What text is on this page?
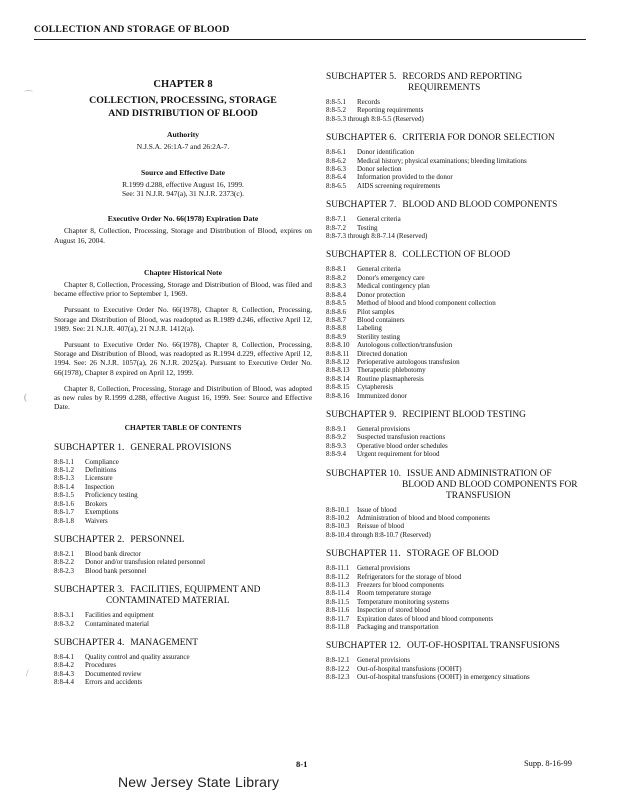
COLLECTION AND STORAGE OF BLOOD
⌒
(
/
CHAPTER 8
COLLECTION, PROCESSING, STORAGE
AND DISTRIBUTION OF BLOOD
Authority
N.J.S.A. 26:1A-7 and 26:2A-7.
Source and Effective Date
R.1999 d.288, effective August 16, 1999.
See: 31 N.J.R. 947(a), 31 N.J.R. 2373(c).
Executive Order No. 66(1978) Expiration Date

Chapter 8, Collection, Processing, Storage and Distribution of Blood, expires on August 16, 2004.

Chapter Historical Note

Chapter 8, Collection, Processing, Storage and Distribution of Blood, was filed and became effective prior to September 1, 1969.

Pursuant to Executive Order No. 66(1978), Chapter 8, Collection, Processing, Storage and Distribution of Blood, was readopted as R.1989 d.246, effective April 12, 1989. See: 21 N.J.R. 407(a), 21 N.J.R. 1412(a).

Pursuant to Executive Order No. 66(1978), Chapter 8, Collection, Processing, Storage and Distribution of Blood, was readopted as R.1994 d.229, effective April 12, 1994. See: 26 N.J.R. 1057(a), 26 N.J.R. 2025(a). Pursuant to Executive Order No. 66(1978), Chapter 8 expired on April 12, 1999.

Chapter 8, Collection, Processing, Storage and Distribution of Blood, was adopted as new rules by R.1999 d.288, effective August 16, 1999. See: Source and Effective Date.

CHAPTER TABLE OF CONTENTS
SUBCHAPTER 1. GENERAL PROVISIONS
8:8-1.1	Compliance
8:8-1.2	Definitions
8:8-1.3	Licensure
8:8-1.4	Inspection
8:8-1.5	Proficiency testing
8:8-1.6	Brokers
8:8-1.7	Exemptions
8:8-1.8	Waivers
SUBCHAPTER 2. PERSONNEL
8:8-2.1	Blood bank director
8:8-2.2	Donor and/or transfusion related personnel
8:8-2.3	Blood bank personnel
SUBCHAPTER 3. FACILITIES, EQUIPMENT AND
CONTAMINATED MATERIAL
8:8-3.1	Facilities and equipment
8:8-3.2	Contaminated material
SUBCHAPTER 4. MANAGEMENT
8:8-4.1	Quality control and quality assurance
8:8-4.2	Procedures
8:8-4.3	Documented review
8:8-4.4	Errors and accidents
SUBCHAPTER 5. RECORDS AND REPORTING
REQUIREMENTS
8:8-5.1	Records
8:8-5.2	Reporting requirements
8:8-5.3 through 8:8-5.5 (Reserved)
SUBCHAPTER 6. CRITERIA FOR DONOR SELECTION
8:8-6.1	Donor identification
8:8-6.2	Medical history; physical examinations; bleeding limitations
8:8-6.3	Donor selection
8:8-6.4	Information provided to the donor
8:8-6.5	AIDS screening requirements
SUBCHAPTER 7. BLOOD AND BLOOD COMPONENTS
8:8-7.1	General criteria
8:8-7.2	Testing
8:8-7.3 through 8:8-7.14 (Reserved)
SUBCHAPTER 8. COLLECTION OF BLOOD
8:8-8.1	General criteria
8:8-8.2	Donor's emergency care
8:8-8.3	Medical contingency plan
8:8-8.4	Donor protection
8:8-8.5	Method of blood and blood component collection
8:8-8.6	Pilot samples
8:8-8.7	Blood containers
8:8-8.8	Labeling
8:8-8.9	Sterility testing
8:8-8.10	Autologous collection/transfusion
8:8-8.11	Directed donation
8:8-8.12	Perioperative autologous transfusion
8:8-8.13	Therapeutic phlebotomy
8:8-8.14	Routine plasmapheresis
8:8-8.15	Cytapheresis
8:8-8.16	Immunized donor
SUBCHAPTER 9. RECIPIENT BLOOD TESTING
8:8-9.1	General provisions
8:8-9.2	Suspected transfusion reactions
8:8-9.3	Operative blood order schedules
8:8-9.4	Urgent requirement for blood
SUBCHAPTER 10. ISSUE AND ADMINISTRATION OF
BLOOD AND BLOOD COMPONENTS FOR
TRANSFUSION
8:8-10.1	Issue of blood
8:8-10.2	Administration of blood and blood components
8:8-10.3	Reissue of blood
8:8-10.4 through 8:8-10.7 (Reserved)
SUBCHAPTER 11. STORAGE OF BLOOD
8:8-11.1	General provisions
8:8-11.2	Refrigerators for the storage of blood
8:8-11.3	Freezers for blood components
8:8-11.4	Room temperature storage
8:8-11.5	Temperature monitoring systems
8:8-11.6	Inspection of stored blood
8:8-11.7	Expiration dates of blood and blood components
8:8-11.8	Packaging and transportation
SUBCHAPTER 12. OUT-OF-HOSPITAL TRANSFUSIONS
8:8-12.1	General provisions
8:8-12.2	Out-of-hospital transfusions (OOHT)
8:8-12.3	Out-of-hospital transfusions (OOHT) in emergency situations
8-1	Supp. 8-16-99
New Jersey State Library
